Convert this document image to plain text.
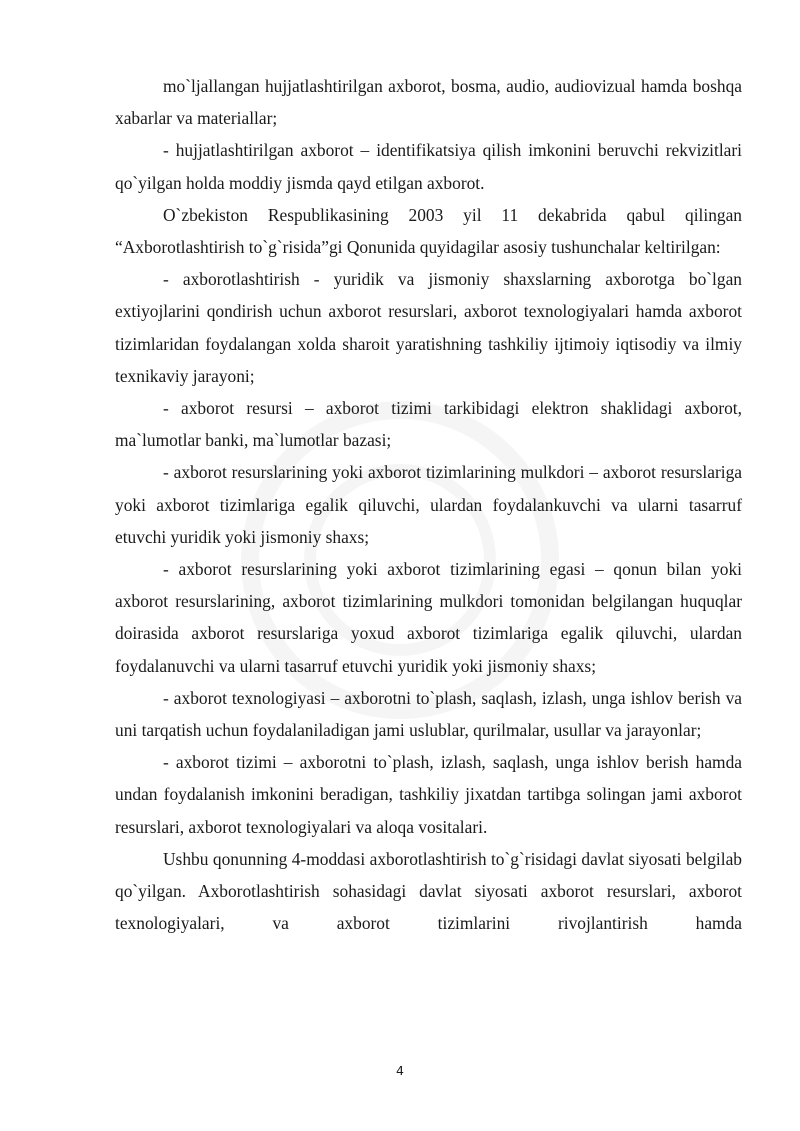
mo`ljallangan hujjatlashtirilgan axborot, bosma, audio, audiovizual hamda boshqa xabarlar va materiallar;

- hujjatlashtirilgan axborot – identifikatsiya qilish imkonini beruvchi rekvizitlari qo`yilgan holda moddiy jismda qayd etilgan axborot.

O`zbekiston Respublikasining 2003 yil 11 dekabrida qabul qilingan “Axborotlashtirish to`g`risida”gi Qonunida quyidagilar asosiy tushunchalar keltirilgan:

- axborotlashtirish - yuridik va jismoniy shaxslarning axborotga bo`lgan extiyojlarini qondirish uchun axborot resurslari, axborot texnologiyalari hamda axborot tizimlaridan foydalangan xolda sharoit yaratishning tashkiliy ijtimoiy iqtisodiy va ilmiy texnikaviy jarayoni;

- axborot resursi – axborot tizimi tarkibidagi elektron shaklidagi axborot, ma`lumotlar banki, ma`lumotlar bazasi;

- axborot resurslarining yoki axborot tizimlarining mulkdori – axborot resurslariga yoki axborot tizimlariga egalik qiluvchi, ulardan foydalankuvchi va ularni tasarruf etuvchi yuridik yoki jismoniy shaxs;

- axborot resurslarining yoki axborot tizimlarining egasi – qonun bilan yoki axborot resurslarining, axborot tizimlarining mulkdori tomonidan belgilangan huquqlar doirasida axborot resurslariga yoxud axborot tizimlariga egalik qiluvchi, ulardan foydalanuvchi va ularni tasarruf etuvchi yuridik yoki jismoniy shaxs;

- axborot texnologiyasi – axborotni to`plash, saqlash, izlash, unga ishlov berish va uni tarqatish uchun foydalaniladigan jami uslublar, qurilmalar, usullar va jarayonlar;

- axborot tizimi – axborotni to`plash, izlash, saqlash, unga ishlov berish hamda undan foydalanish imkonini beradigan, tashkiliy jixatdan tartibga solingan jami axborot resurslari, axborot texnologiyalari va aloqa vositalari.

Ushbu qonunning 4-moddasi axborotlashtirish to`g`risidagi davlat siyosati belgilab qo`yilgan. Axborotlashtirish sohasidagi davlat siyosati axborot resurslari, axborot texnologiyalari, va axborot tizimlarini rivojlantirish hamda

4
